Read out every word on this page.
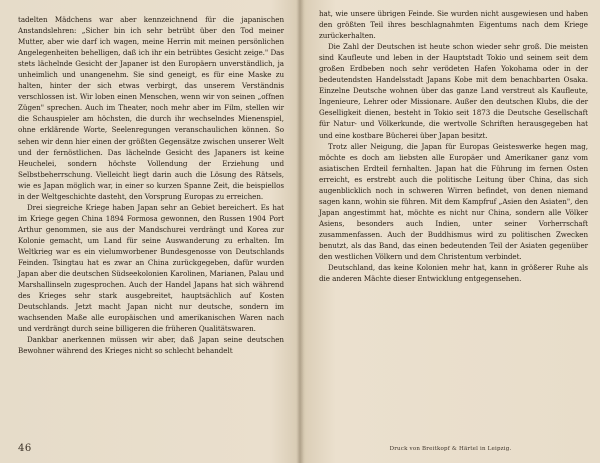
tadelten Mädchens war aber kennzeichnend für die japanischen Anstandslehren: „Sicher bin ich sehr betrübt über den Tod meiner Mutter, aber wie darf ich wagen, meine Herrin mit meinen persönlichen Angelegenheiten behelligen, daß ich ihr ein betrübtes Gesicht zeige." Das stets lächelnde Gesicht der Japaner ist den Europäern unverständlich, ja unheimlich und unangenehm. Sie sind geneigt, es für eine Maske zu halten, hinter der sich etwas verbirgt, das unserem Verständnis verschlossen ist. Wir loben einen Menschen, wenn wir von seinen „offnen Zügen" sprechen. Auch im Theater, noch mehr aber im Film, stellen wir die Schauspieler am höchsten, die durch ihr wechselndes Mienenspiel, ohne erklärende Worte, Seelenregungen veranschaulichen können. So sehen wir denn hier einen der größten Gegensätze zwischen unserer Welt und der fernöstlichen. Das lächelnde Gesicht des Japaners ist keine Heuchelei, sondern höchste Vollendung der Erziehung und Selbstbeherrschung. Vielleicht liegt darin auch die Lösung des Rätsels, wie es Japan möglich war, in einer so kurzen Spanne Zeit, die beispiellos in der Weltgeschichte dasteht, den Vorsprung Europas zu erreichen.

Drei siegreiche Kriege haben Japan sehr an Gebiet bereichert. Es hat im Kriege gegen China 1894 Formosa gewonnen, den Russen 1904 Port Arthur genommen, sie aus der Mandschurei verdrängt und Korea zur Kolonie gemacht, um Land für seine Auswanderung zu erhalten. Im Weltkrieg war es ein vielumworbener Bundesgenosse von Deutschlands Feinden. Tsingtau hat es zwar an China zurückgegeben, dafür wurden Japan aber die deutschen Südseekolonien Karolinen, Marianen, Palau und Marshallinseln zugesprochen. Auch der Handel Japans hat sich während des Krieges sehr stark ausgebreitet, hauptsächlich auf Kosten Deutschlands. Jetzt macht Japan nicht nur deutsche, sondern im wachsenden Maße alle europäischen und amerikanischen Waren nach und verdrängt durch seine billigeren die früheren Qualitätswaren.

Dankbar anerkennen müssen wir aber, daß Japan seine deutschen Bewohner während des Krieges nicht so schlecht behandelt

46

hat, wie unsere übrigen Feinde. Sie wurden nicht ausgewiesen und haben den größten Teil ihres beschlagnahmten Eigentums nach dem Kriege zurückerhalten.

Die Zahl der Deutschen ist heute schon wieder sehr groß. Die meisten sind Kaufleute und leben in der Hauptstadt Tokio und seinem seit dem großen Erdbeben noch sehr verödeten Hafen Yokohama oder in der bedeutendsten Handelsstadt Japans Kobe mit dem benachbarten Osaka. Einzelne Deutsche wohnen über das ganze Land verstreut als Kaufleute, Ingenieure, Lehrer oder Missionare. Außer den deutschen Klubs, die der Geselligkeit dienen, besteht in Tokio seit 1873 die Deutsche Gesellschaft für Natur- und Völkerkunde, die wertvolle Schriften herausgegeben hat und eine kostbare Bücherei über Japan besitzt.

Trotz aller Neigung, die Japan für Europas Geisteswerke hegen mag, möchte es doch am liebsten alle Europäer und Amerikaner ganz vom asiatischen Erdteil fernhalten. Japan hat die Führung im fernen Osten erreicht, es erstrebt auch die politische Leitung über China, das sich augenblicklich noch in schweren Wirren befindet, von denen niemand sagen kann, wohin sie führen. Mit dem Kampfruf „Asien den Asiaten", den Japan angestimmt hat, möchte es nicht nur China, sondern alle Völker Asiens, besonders auch Indien, unter seiner Vorherrschaft zusammenfassen. Auch der Buddhismus wird zu politischen Zwecken benutzt, als das Band, das einen bedeutenden Teil der Asiaten gegenüber den westlichen Völkern und dem Christentum verbindet.

Deutschland, das keine Kolonien mehr hat, kann in größerer Ruhe als die anderen Mächte dieser Entwicklung entgegensehen.

Druck von Breitkopf & Härtel in Leipzig.
